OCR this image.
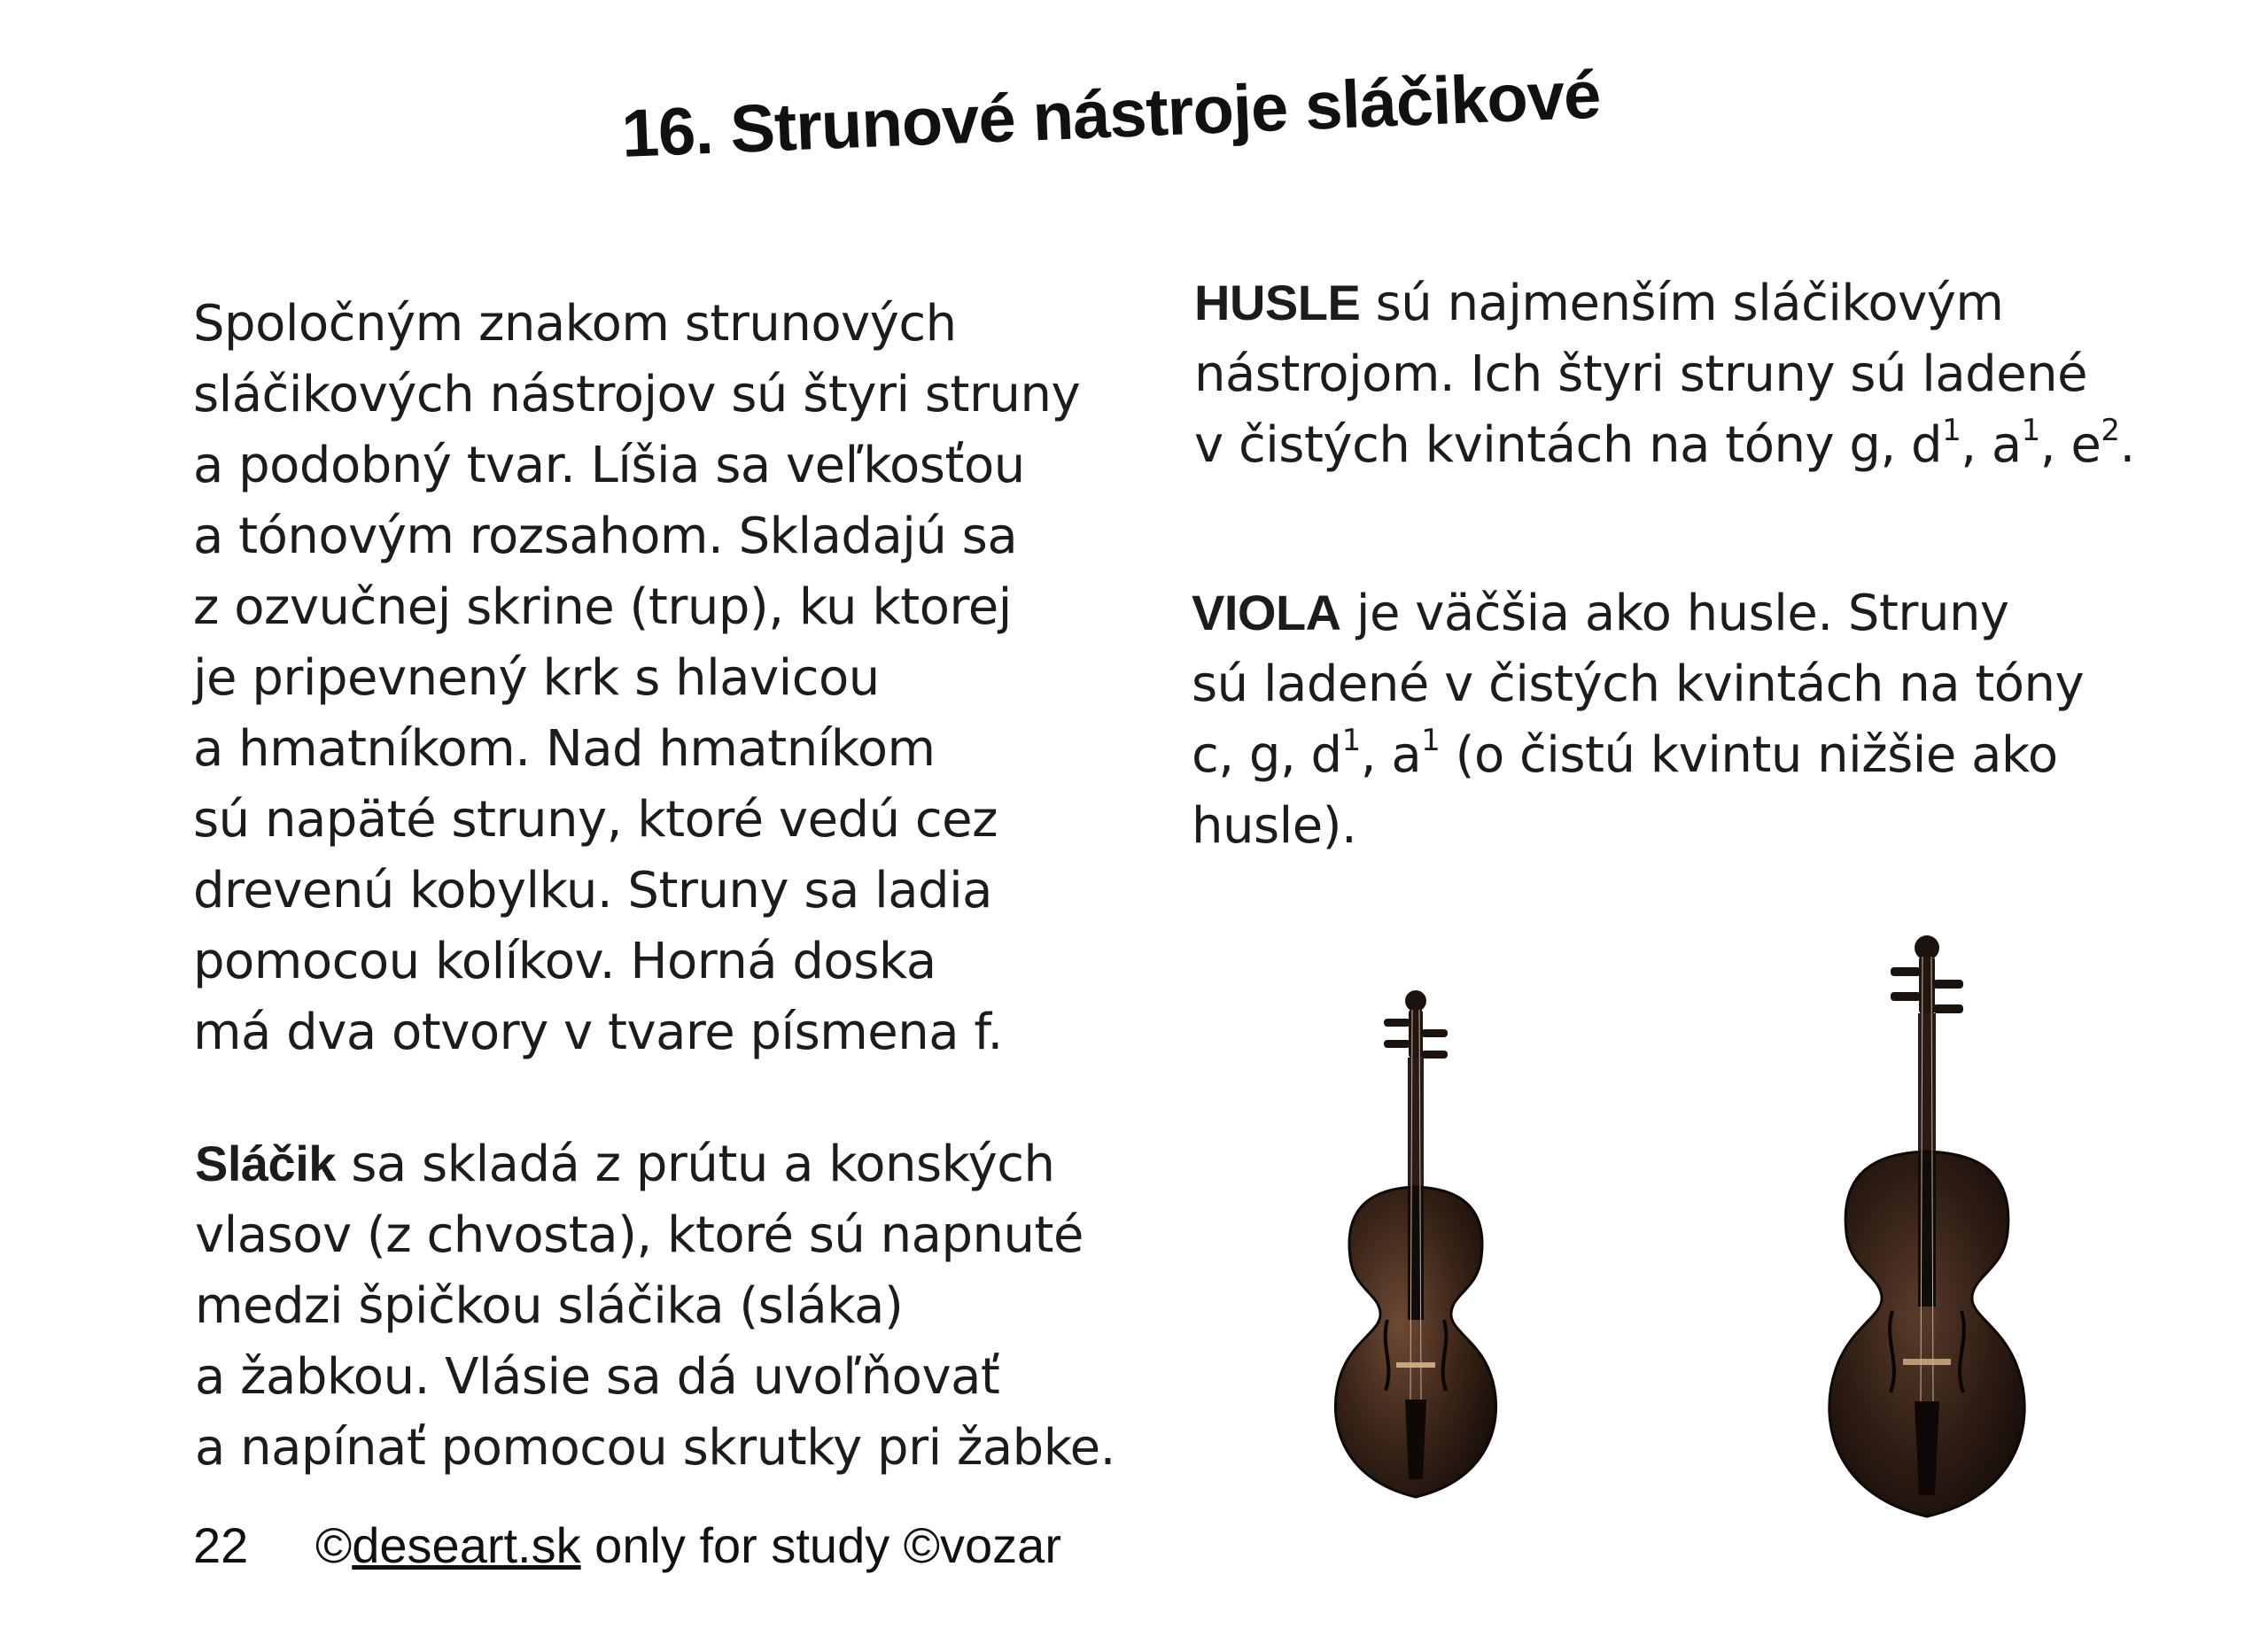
16. Strunové nástroje sláčikové
Spoločným znakom strunových
sláčikových nástrojov sú štyri struny
a podobný tvar. Líšia sa veľkosťou
a tónovým rozsahom. Skladajú sa
z ozvučnej skrine (trup), ku ktorej
je pripevnený krk s hlavicou
a hmatníkom. Nad hmatníkom
sú napäté struny, ktoré vedú cez
drevenú kobylku. Struny sa ladia
pomocou kolíkov. Horná doska
má dva otvory v tvare písmena f.
Sláčik sa skladá z prútu a konských
vlasov (z chvosta), ktoré sú napnuté
medzi špičkou sláčika (sláka)
a žabkou. Vlásie sa dá uvoľňovať
a napínať pomocou skrutky pri žabke.
HUSLE sú najmenším sláčikovým
nástrojom. Ich štyri struny sú ladené
v čistých kvintách na tóny g, $d^1$, $a^1$, $e^2$.
VIOLA je väčšia ako husle. Struny
sú ladené v čistých kvintách na tóny
c, g, $d^1$, $a^1$ (o čistú kvintu nižšie ako
husle).
22 ©deseart.sk only for study ©vozar
